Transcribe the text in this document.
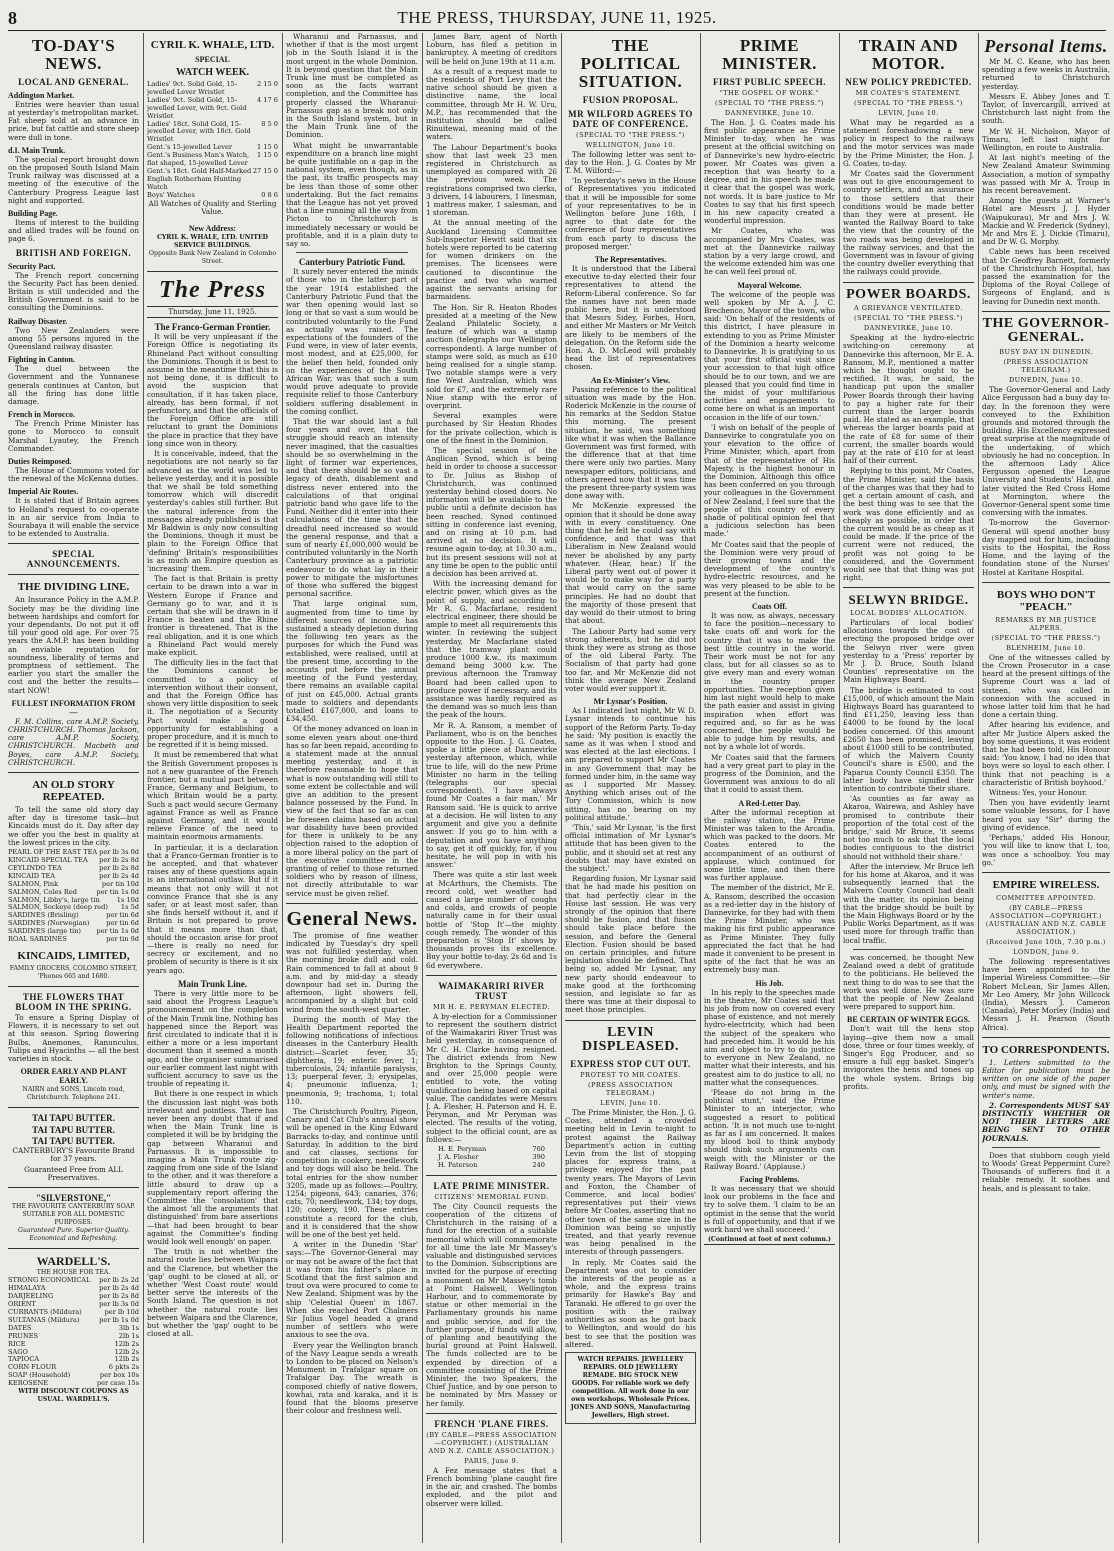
8	THE PRESS, THURSDAY, JUNE 11, 1925.
TO-DAY'S NEWS.
LOCAL AND GENERAL.
Addington Market.

Entries were heavier than usual at yesterday's metropolitan market. Fat sheep sold at an advance in price, but fat cattle and store sheep were dull in tone.

d.I. Main Trunk.

The special report brought down on the proposed South Island Main Trunk railway was discussed at a meeting of the executive of the Canterbury Progress League last night and supported.

Building Page.

Items of interest to the building and allied trades will be found on page 6.

BRITISH AND FOREIGN.
Security Pact.

The French report concerning the Security Pact has been denied. Britain is still undecided and the British Government is said to be consulting the Dominions.

Railway Disaster.

Two New Zealanders were among 55 persons injured in the Queensland railway disaster.

Fighting in Canton.

The duel between the Government and the Yunnanese generals continues at Canton, but all the firing has done little damage.

French in Morocco.

The French Prime Minister has gone to Morocco to consult Marshal Lyautey, the French Commander.

Duties Reimposed.

The House of Commons voted for the renewal of the McKenna duties.

Imperial Air Routes.

It is stated that if Britain agrees to Holland's request to co-operate in an air service from India to Sourabaya it will enable the service to be extended to Australia.

SPECIAL ANNOUNCEMENTS.
THE DIVIDING LINE.

An Insurance Policy in the A.M.P. Society may be the dividing line between hardships and comfort for your dependants. Do not put it off till your good old age. For over 75 years the A.M.P. has been building an enviable reputation for soundness, liberality of terms and promptness of settlement. The earlier you start the smaller the cost and the better the results—start NOW!

FULLEST INFORMATION FROM—

F. M. Collins, care A.M.P. Society, CHRISTCHURCH. Thomas Jackson, care A.M.P. Society, CHRISTCHURCH. Macbeth and Boyes, care A.M.P. Society, CHRISTCHURCH.

AN OLD STORY REPEATED.

To tell the same old story day after day is tiresome task—but Kincaids must do it. Day after day we offer you the best in quality at the lowest prices in the city.

PEARL OF THE EAST TEA per lb 3s 0d
KINCAID SPECIAL TEA	per lb 2s 8d
CEYLINDO TEA	per lb 2s 8d
KINCAID TEA	per lb 2s 4d
SALMON, Pink	per tin 10d
SALMON, Coles Red	per tin 1s 0d
SALMON, Libby's, large tin	1s 10d
SALMON, Sockeye (deep red)	1s 5d
SARDINES (Brisling)	per tin 6d
SARDINES (Norwegian)	per tin 6d
SARDINES (large tin)	per tin 1s 0d
ROAL SARDINES	per tin 9d
KINCAIDS, LIMITED,
FAMILY GROCERS, COLOMBO STREET, 'Phones 665 and 1680.
THE FLOWERS THAT BLOOM IN THE SPRING.

To ensure a Spring Display of Flowers, it is necessary to set out at this season. Spring flowering Bulbs, Anemones, Ranunculus, Tulips and Hyacinths — all the best varieties in stock.

ORDER EARLY AND PLANT EARLY.
NAIRN and SONS, Lincoln road, Christchurch. Telephone 241.
TAI TAPU BUTTER.
TAI TAPU BUTTER.
TAI TAPU BUTTER.

CANTERBURY'S Favourite Brand for 37 years.

Guaranteed Free from ALL Preservatives.

"SILVERSTONE,"
THE FAVOURITE CANTERBURY SOAP.
SUITABLE FOR ALL DOMESTIC PURPOSES.
Guaranteed Pure. Superior Quality. Economical and Refreshing.
WARDELL'S.
THE HOUSE FOR TEA.
STRONG ECONOMICAL	per lb 2s 2d
HIMALAYA	per lb 2s 4d
DARJEELING	per lb 2s 8d
ORIENT	per lb 3s 0d
CURRANTS (Mildura)	per lb 10d
SULTANAS (Mildura)	per lb 1s 0d
DATES	3lb 1s
PRUNES	2lb 1s
RICE	12lb 2s
SAGO	12lb 2s
TAPIOCA	12lb 2s
CORN FLOUR	6 pkts 2s
SOAP (Household)	per box 10s
KEROSENE	per case 15s
WITH DISCOUNT COUPONS AS USUAL. WARDELL'S.
CYRIL K. WHALE, LTD.
SPECIAL
WATCH WEEK.
Ladies' 9ct. Solid Gold, 15-jewelled Lever Wristlet
2 15 0
Ladies' 9ct. Solid Gold, 15-jewelled Lever, with 9ct. Gold Wristlet
4 17 6
Ladies' 18ct. Solid Gold, 15-jewelled Lever, with 18ct. Gold Wristlet
8 5 0
Gent.'s 15-jewelled Lever	1 15 0
Gent.'s Business Man's Watch, flat shaped, 15-jewelled Lever
1 15 0
Gent.'s 18ct. Gold Half-Marked English Rotherham Hunting Watch
27 15 0
Boys' Watches	0 8 6

All Watches of Quality and Sterling Value.

New Address:
CYRIL K. WHALE, LTD. UNITED SERVICE BUILDINGS.
Opposite Bank New Zealand in Colombo Street.
The Press
Thursday, June 11, 1925.
The Franco-German Frontier.

It will be very unpleasant if the Foreign Office is negotiating its Rhineland Pact without consulting the Dominions. Though it is best to assume in the meantime that this is not being done, it is difficult to avoid the suspicion that consultation, if it has taken place, already, has been formal, if not perfunctory, and that the officials of the Foreign Office are still reluctant to grant the Dominions the place in practice that they have long since won in theory.

It is conceivable, indeed, that the negotiations are not nearly so far advanced as the world was led to believe yesterday, and it is possible that we shall be told something tomorrow which will discredit yesterday's cables still further. But the natural inference from the messages already published is that Mr Baldwin is only now consulting the Dominions, though it must be plain to the Foreign Office that 'defining' Britain's responsibilities is as much an Empire question as 'increasing' them.

The fact is that Britain is pretty certain to be drawn into a war in Western Europe if France and Germany go to war, and it is certain that she will be drawn in if France is beaten and the Rhine frontier is threatened. That is the real obligation, and it is one which a Rhineland Pact would merely make explicit.

The difficulty lies in the fact that the Dominions cannot be committed to a policy of intervention without their consent, and that the Foreign Office has shown very little disposition to seek it. The negotiation of a Security Pact would make a good opportunity for establishing a proper procedure, and it is much to be regretted if it is being missed.

It must be remembered that what the British Government proposes is not a new guarantee of the French frontier, but a mutual pact between France, Germany and Belgium, to which Britain would be a party. Such a pact would secure Germany against France as well as France against Germany, and it would relieve France of the need to maintain enormous armaments.

In particular, it is a declaration that a Franco-German frontier is to be accepted, and that whatever raises any of these questions again is an international outlaw. But if it means that not only will it not convince France that she is any safer, or at least most safer, than she finds herself without it, and if Britain is not prepared to prove that it means more than that, should the occasion arise for proof—there is really no need for secrecy or excitement, and no problem of security is there is it six years ago.

Main Trunk Line.

There is very little more to be said about the Progress League's pronouncement on the completion of the Main Trunk line. Nothing has happened since the Report was first circulated to indicate that it is either a more or a less important document than it seemed a month ago, and the organiser summarised our earlier comment last night with sufficient accuracy to save us the trouble of repeating it.

But there is one respect in which the discussion last night was both irrelevant and pointless. There has never been any doubt that if and when the Main Trunk line is completed it will be by bridging the gap between Wharanui and Parnassus. It is impossible to imagine a Main Trunk route zig-zagging from one side of the Island to the other, and it was therefore a little absurd to draw up a supplementary report offering the Committee the 'consolation' that the almost 'all the arguments that distinguished' from bare assertions—that had been brought to bear against the Committee's finding would look well enough' on paper.

The truth is not whether the natural route lies between Waipara and the Clarence, but whether the 'gap' ought to be closed at all, or whether 'West Coast route' would better serve the interests of the South Island. The question is not whether the natural route lies between Waipara and the Clarence, but whether the 'gap' ought to be closed at all.

Wharanui and Parnassus, and whether if that is the most urgent job in the South Island it is the most urgent in the whole Dominion. It is beyond question that the Main Trunk line must be completed as soon as the facts warrant completion, and the Committee has properly classed the Wharanui-Parnassus gap as a break not only in the South Island system, but in the Main Trunk line of the Dominion.

What might be unwarrantable expenditure on a branch line might be quite justifiable on a gap in the national system, even though, as in the past, its traffic prospects may be less than those of some other undertaking. But the fact remains that the League has not yet proved that a line running all the way from Picton to Christchurch is immediately necessary or would be profitable, and it is a plain duty to say so.

Canterbury Patriotic Fund.

It surely never entered the minds of those who in the latter part of the year 1914 established the Canterbury Patriotic Fund that the war then opening would last so long or that so vast a sum would be contributed voluntarily to the Fund as actually was raised. The expectations of the founders of the Fund were, in view of later events, most modest, and at £25,000, for the belief then held, founded only on the experiences of the South African War, was that such a sum would prove adequate to provide requisite relief to those Canterbury soldiers suffering disablement in the coming conflict.

That the war should last a full four years and over, that the struggle should reach an intensity never imagined, that the casualties should be so overwhelming in the light of former war experiences, and that there should be so vast a legacy of death, disablement and distress never entered into the calculations of that original patriotic band who gave life to the Fund. Neither did it enter into their calculations of the time that the dreadful need increased so would the general response, and that a sum of nearly £1,000,000 would be contributed voluntarily in the North Canterbury province as a patriotic endeavour to do what lay in their power to mitigate the misfortunes of those who suffered the biggest personal sacrifice.

That large original sum, augmented from time to time by different sources of income, has sustained a steady depletion during the following ten years as the purposes for which the Fund was established, were realised, until at the present time, according to the accounts put before the annual meeting of the Fund yesterday, there remains an available capital of just on £45,000. Actual grants made to soldiers and dependants totalled £167,000, and loans to £34,450.

Of the money advanced on loan in some eleven years about one-third has so far been repaid, according to a statement made at the annual meeting yesterday, and it is therefore reasonable to hope that what is now outstanding will still to some extent be collectable and will give an addition to the present balance possessed by the Fund. In view of the fact that so far as can be foreseen claims based on actual war disability have been provided for there is unlikely to be any objection raised to the adoption of a more liberal policy on the part of the executive committee in the granting of relief to those returned soldiers who by reason of illness, not directly attributable to war service must be given relief.

General News.

The promise of fine weather indicated by Tuesday's dry spell was not fulfilled yesterday, when the morning broke dull and cold. Rain commenced to fall at about 9 a.m. and by mid-day a steady downpour had set in. During the afternoon, light showers fell, accompanied by a slight but cold wind from the south-west quarter.

During the month of May the Health Department reported the following notifications of infectious diseases in the Canterbury Health district:—Scarlet fever, 35; diphtheria, 19; enteric fever, 1; tuberculosis, 24; infantile paralysis, 13; puerperal fever, 3; erysipelas, 4; pneumonic influenza, 1; pneumonia, 9; trachoma, 1; total 110.

The Christchurch Poultry, Pigeon, Canary and Cat Club's annual show will be opened in the King Edward Barracks to-day, and continue until Saturday. In addition to the bird and cat classes, sections for competition in cookery, needlework and toy dogs will also be held. The total entries for the show number 3205, made up as follows:—Poultry, 1254; pigeons, 643; canaries, 376; cats, 70; needlework, 134; toy dogs, 120; cookery, 190. These entries constitute a record for the club, and it is considered that the show will be one of the best yet held.

A writer in the Dunedin 'Star' says:—The Governor-General may or may not be aware of the fact that it was from his father's place in Scotland that the first salmon and trout ova were procured to come to New Zealand. Shipment was by the ship 'Celestial Queen' in 1867. When she reached Port Chalmers Sir Julius Vogel headed a grand number of settlers who were anxious to see the ova.

Every year the Wellington branch of the Navy League sends a wreath to London to be placed on Nelson's Monument in Trafalgar square on Trafalgar Day. The wreath is composed chiefly of native flowers, kowhai, rata and karaka, and it is found that the blooms preserve their colour and freshness well.

James Barr, agent of North Loburn, has filed a petition in bankruptcy. A meeting of creditors will be held on June 19th at 11 a.m.

As a result of a request made to the residents of Port Levy that the native school should be given a distinctive name, the local committee, through Mr H. W. Uru, M.P., has recommended that the institution should be called Rinuitewai, meaning maid of the waters.

The Labour Department's books show that last week 23 men registered in Christchurch as unemployed as compared with 26 the previous week. The registrations comprised two clerks, 3 drivers, 14 labourers, 1 linesman, 1 mattress maker, 1 salesman, and 1 storeman.

At the annual meeting of the Auckland Licensing Committee Sub-Inspector Hewitt said that six hotels were reported to be catering for women drinkers on the premises. The licensees were cautioned to discontinue the practice and two who warned against the servants arising for barmaidens.

The Hon. Sir R. Heaton Rhodes presided at a meeting of the New Zealand Philatelic Society, a feature of which was a stamp auction (telegraphs our Wellington correspondent). A large number of stamps were sold, as much as £10 being realised for a single stamp. Two notable stamps were a very fine West Australian, which was sold for £7, and the extremely rare Niue stamp with the error of overprint.

Several examples were purchased by Sir Heaton Rhodes for the private collection, which is one of the finest in the Dominion.

The special session of the Anglican Synod, which is being held in order to choose a successor to Dr. Julius as Bishop of Christchurch, was continued yesterday behind closed doors. No information will be available to the public until a definite decision has been reached. Synod continued sitting in conference last evening, and on rising at 10 p.m. had arrived at no decision. It will resume again to-day, at 10.30 a.m., but its present sessions will not at any time be open to the public until a decision has been arrived at.

With the increasing demand for electric power, which gives as the point of supply, and according to Mr R. G. Macfarlane, resident electrical engineer, there should be ample to meet all requirements this winter. In reviewing the subject yesterday, Mr Macfarlane stated that the tramway plant could produce 1000 k.w., its maximum demand being 3000 k.w. The previous afternoon the Tramway Board had been called upon to produce power if necessary, and its assistance was hardly required as the demand was so much less than the peak of the hours.

Mr R. A. Ransom, a member of Parliament, who is on the benches opposite to the Hon. J. G. Coates, spoke a little piece at Dannevirke yesterday afternoon, which, while true to life, will do the new Prime Minister no harm in the telling (telegraphs our special correspondent). 'I have always found Mr Coates a fair man,' Mr Ransom said. 'He is quick to arrive at a decision. He will listen to any argument and give you a definite answer. If you go to him with a deputation and you have anything to say, get it off quickly, for, if you hesitate, he will pop in with his answer.'

There was quite a stir last week at McArthurs, the Chemists. The record cold, wet weather had caused a large number of coughs and colds, and crowds of people naturally came in for their usual bottle of 'Stop It'—the mighty cough remedy. The wonder of this preparation is 'Stop It' shows by thousands proves its excellence. Buy your bottle to-day. 2s 6d and 1s 6d everywhere.

WAIMAKARIRI RIVER TRUST
MR H. E. PERYMAN ELECTED.

A by-election for a Commissioner to represent the southern district of the Waimakariri River Trust was held yesterday, in consequence of Mr C. H. Clarke having resigned. The district extends from New Brighton to the Springs County, and over 25,000 people were entitled to vote, the voting qualification being based on capital value. The candidates were Messrs J. A. Flesher, H. Paterson and H. E. Peryman, and Mr Peryman was elected. The results of the voting, subject to the official count, are as follows:—

H. E. Peryman	760
J. A. Flesher	390
H. Paterson	240
LATE PRIME MINISTER.
CITIZENS' MEMORIAL FUND.

The City Council requests the cooperation of the citizens of Christchurch in the raising of a fund for the erection of a suitable memorial which will commemorate for all time the late Mr Massey's valuable and distinguished services to the Dominion. Subscriptions are invited for the purpose of erecting a monument on Mr Massey's tomb at Point Halswell, Wellington Harbour, and to commemorate by statue or other memorial in the Parliamentary grounds his name and public service, and for the further purpose, if funds will allow, of planting and beautifying the burial ground at Point Halswell. The funds collected are to be expended by direction of a committee consisting of the Prime Minister, the two Speakers, the Chief Justice, and by one person to be nominated by Mrs Massey or her family.

FRENCH 'PLANE FIRES.
(BY CABLE—PRESS ASSOCIATION—COPYRIGHT.) (AUSTRALIAN AND N.Z. CABLE ASSOCIATION.)
PARIS, June 9.

A Fez message states that a French bombing 'plane caught fire in the air, and crashed. The bombs exploded, and the pilot and observer were killed.

THE POLITICAL SITUATION.
FUSION PROPOSAL.
MR WILFORD AGREES TO DATE OF CONFERENCE.
(SPECIAL TO "THE PRESS.")
WELLINGTON, June 10.

The following letter was sent to-day to the Hon. J. G. Coates by Mr T. M. Wilford:—

'In yesterday's news in the House of Representatives you indicated that it will be impossible for some of your representatives to be in Wellington before June 16th, I agree to that date for the conference of four representatives from each party to discuss the proposed merger.'

The Representatives.

It is understood that the Liberal executive to-day elected their four representatives to attend the Reform-Liberal conference. So far the names have not been made public here, but it is understood that Messrs Sidey, Forbes, Horn, and either Mr Masters or Mr Veitch are likely to be members of the delegation. On the Reform side the Hon. A. D. McLeod will probably head the list of representatives chosen.

An Ex-Minister's View.

Passing reference to the political situation was made by the Hon. Roderick McKenzie in the course of his remarks at the Seddon Statue this morning. The present situation, he said, was something like what it was when the Ballance Government was first formed, with the difference that at that time there were only two parties. Many newspaper editors, politicians, and others agreed now that it was time the present three-party system was done away with.

Mr McKenzie expressed the opinion that it should be done away with in every constituency. One thing that he felt he could say with confidence, and that was that Liberalism in New Zealand would never be abolished by any party whatever. (Hear, hear.) If the Liberal party went out of power it would be to make way for a party that would carry on the same principles. He had no doubt that the majority of those present that day would do their utmost to bring that about.

The Labour Party had some very strong adherents, but he did not think they were as strong as those of the old Liberal Party. The Socialism of that party had gone too far, and Mr McKenzie did not think the average New Zealand voter would ever support it.

Mr Lysnar's Position.

As I indicated last night, Mr W. D. Lysnar intends to continue his support of the Reform Party. To-day he said: 'My position is exactly the same as it was when I stood and was elected at the last elections. I am prepared to support Mr Coates in any Government that may be formed under him, in the same way as I supported Mr Massey. Anything which arises out of the Tory Commission, which is now sitting, has no bearing on my political attitude.'

'This,' said Mr Lysnar, 'is the first official intimation of Mr Lysnar's attitude that has been given to the public, and it should set at rest any doubts that may have existed on the subject.'

Regarding fusion, Mr Lysnar said that he had made his position on that had perfectly clear in the House last session. He was very strongly of the opinion that there should be fusion, and that fusion should take place before the session, and before the General Election. Fusion should be based on certain principles, and future legislation should be defined. That being so, added Mr Lysnar, any new party should endeavour to make good at the forthcoming session, and legislate so far as there was time at their disposal to meet those principles.

LEVIN DISPLEASED.
EXPRESS STOP CUT OUT.
PROTEST TO MR COATES.
(PRESS ASSOCIATION TELEGRAM.)
LEVIN, June 10.

The Prime Minister, the Hon. J. G. Coates, attended a crowded meeting held in Levin to-night to protest against the Railway Department's action in cutting Levin from the list of stopping places for express trains, a privilege enjoyed for the past twenty years. The Mayors of Levin and Foxton, the Chamber of Commerce, and local bodies' representatives put their views before Mr Coates, asserting that no other town of the same size in the Dominion was being so unjustly treated, and that yearly revenue was being penalised in the interests of through passengers.

In reply, Mr Coates said the Department was out to consider the interests of the people as a whole, and the express trains primarily for Hawke's Bay and Taranaki. He offered to go over the position with the railway authorities as soon as he got back to Wellington, and would do his best to see that the position was altered.

WATCH REPAIRS. JEWELLERY REPAIRS. OLD JEWELLERY REMADE. BIG STOCK NEW GOODS. For reliable work we defy competition. All work done in our own workshops. Wholesale Prices. JONES AND SONS, Manufacturing Jewellers, High street.
PRIME MINISTER.
FIRST PUBLIC SPEECH.
"THE GOSPEL OF WORK."
(SPECIAL TO "THE PRESS.")
DANNEVIRKE, June 10.

The Hon. J. G. Coates made his first public appearance as Prime Minister to-day, when he was present at the official switching on of Dannevirke's new hydro-electric power. Mr Coates was given a reception that was hearty to a degree, and in his speech he made it clear that the gospel was work, not words. It is bare justice to Mr Coates to say that his first speech in his new capacity created a wonderful impression.

Mr Coates, who was accompanied by Mrs Coates, was met at the Dannevirke railway station by a very large crowd, and the welcome extended him was one he can well feel proud of.

Mayoral Welcome.

The welcome of the people was well spoken by Mr A. J. C. Brechenco, Mayor of the town, who said: 'On behalf of the residents of this district, I have pleasure in extending to you as Prime Minister of the Dominion a hearty welcome to Dannevirke. It is gratifying to us that your first official visit since your accession to that high office should be to our town, and we are pleased that you could find time in the midst of your multifarious activities and engagements to come here on what is an important occasion in the life of our town.'

'I wish on behalf of the people of Dannevirke to congratulate you on your elevation to the office of Prime Minister, which, apart from that of the representative of His Majesty, is the highest honour in the Dominion. Although this office has been conferred on you through your colleagues in the Government of New Zealand, I feel sure that the people of this country of every shade of political opinion feel that a judicious selection has been made.'

Mr Coates said that the people of the Dominion were very proud of their growing towns and the development of the country's hydro-electric resources, and he was very pleased to be able to be present at the function.

Coats Off.

It was now, as always, necessary to face the position—necessary to take coats off and work for the country that it was to make the best little country in the world. Their work must be not for any class, but for all classes so as to give every man and every woman in the country proper opportunities. The reception given him last night would help to make the path easier and assist in giving inspiration when effort was required and, so far as he was concerned, the people would be able to judge him by results, and not by a whole lot of words.

Mr Coates said that the farmers had a very great part to play in the progress of the Dominion, and the Government was anxious to do all that it could to assist them.

A Red-Letter Day.

After the informal reception at the railway station, the Prime Minister was taken to the Arcadia, which was packed to the doors. Mr Coates entered to the accompaniment of an outburst of applause, which continued for some little time, and then there was further applause.

The member of the district, Mr E. A. Ransom, described the occasion as a red-letter day in the history of Dannevirke, for they had with them the Prime Minister, who was making his first public appearance as Prime Minister. They fully appreciated the fact that he had made it convenient to be present in spite of the fact that he was an extremely busy man.

His Job.

In his reply to the speeches made in the theatre, Mr Coates said that his job from now on covered every phase of existence, and not merely hydro-electricity, which had been the subject of the speakers who had preceded him. It would be his aim and object to try to do justice to everyone in New Zealand, no matter what their interests, and his greatest aim to do justice to all, no matter what the consequences.

'Please do not bring in the political stunt,' said the Prime Minister to an interjector, who suggested a resort to political action. 'It is not much use to-night as far as I am concerned. It makes my blood boil to think anybody should think such arguments can weigh with the Minister or the Railway Board.' (Applause.)

Facing Problems.

It was necessary that we should look our problems in the face and try to solve them. 'I claim to be an optimist in the sense that the world is full of opportunity, and that if we work hard we shall succeed.'

(Continued at foot of next column.)
TRAIN AND MOTOR.
NEW POLICY PREDICTED.
MR COATES'S STATEMENT.
(SPECIAL TO "THE PRESS.")
LEVIN, June 10.

What may be regarded as a statement foreshadowing a new policy in respect to the railways and the motor services was made by the Prime Minister, the Hon. J. G. Coates, to-day.

Mr Coates said the Government was out to give encouragement to country settlers, and an assurance to those settlers that their conditions would be made better than they were at present. He wanted the Railway Board to take the view that the country of the two roads was being developed in the railway services, and that the Government was in favour of giving the country dweller everything that the railways could provide.

POWER BOARDS.
A GRIEVANCE VENTILATED.
(SPECIAL TO "THE PRESS.")
DANNEVIRKE, June 10.

Speaking at the hydro-electric switching-on ceremony at Dannevirke this afternoon, Mr E. A. Ransom, M.P., mentioned a matter which he thought ought to be rectified. It was, he said, the handicap put upon the smaller Power Boards through their having to pay a higher rate for their current than the larger boards paid. He stated as an example, that whereas the larger boards paid at the rate of £8 for some of their current, the smaller boards would pay at the rate of £10 for at least half of their current.

Replying to this point, Mr Coates, the Prime Minister, said the basis of the charges was that they had to get a certain amount of cash, and the best thing was to see that the work was done efficiently and as cheaply as possible, in order that the current would be as cheap as it could be made. If the price of the current were not reduced, the profit was not going to be considered, and the Government would see that that thing was put right.

SELWYN BRIDGE.
LOCAL BODIES' ALLOCATION.

Particulars of local bodies' allocations towards the cost of erecting the proposed bridge over the Selwyn river were given yesterday to a 'Press' reporter by Mr J. D. Bruce, South Island Counties' representative on the Main Highways Board.

The bridge is estimated to cost £15,000, of which amount the Main Highways Board has guaranteed to find £11,250, leaving less than £4000 to be found by the local bodies concerned. Of this amount £2650 has been promised, leaving about £1000 still to be contributed, of which the Malvern County Council's share is £500, and the Paparua County Council £350. The latter body have signified their intention to contribute their share.

'As counties as far away as Akaroa, Wairewa, and Ashley have promised to contribute their proportion of the total cost of the bridge,' said Mr Bruce, 'it seems not too much to ask that the local bodies contiguous to the district should not withhold their share.'

After the interview, Mr Bruce left for his home at Akaroa, and it was subsequently learned that the Malvern County Council had dealt with the matter, its opinion being that the bridge should be built by the Main Highways Board or by the Public Works Department, as it was used more for through traffic than local traffic.

was concerned, he thought New Zealand owed a debt of gratitude to the politicians. He believed the next thing to do was to see that the work was well done. He was sure that the people of New Zealand were prepared to support him.

BE CERTAIN OF WINTER EGGS.

Don't wait till the hens stop laying—give them now a small dose, three or four times weekly, of Singer's Egg Producer, and so ensure a full egg basket. Singer's invigorates the hens and tones up the whole system. Brings big profits.

Personal Items.

Mr M. C. Keane, who has been spending a few weeks in Australia, returned to Christchurch yesterday.

Messrs E. Abbey Jones and T. Taylor, of Invercargill, arrived at Christchurch last night from the south.

Mr W. H. Nicholson, Mayor of Timaru, left last night for Wellington, en route to Australia.

At last night's meeting of the New Zealand Amateur Swimming Association, a motion of sympathy was passed with Mr A. Troup in his recent bereavement.

Among the guests at Warner's Hotel are Messrs J. J. Hyder (Waipukurau), Mr and Mrs J. W. Mackie and W. Frederick (Sydney), Mr and Mrs E. J. Dickie (Timaru), and Dr W. G. Morphy.

Cable news has been received that Dr Geoffrey Barnett, formerly of the Christchurch Hospital, has passed the examination for the Diploma of the Royal College of Surgeons of England, and is leaving for Dunedin next month.

THE GOVERNOR-GENERAL.
BUSY DAY IN DUNEDIN.
(PRESS ASSOCIATION TELEGRAM.)
DUNEDIN, June 10.

The Governor-General and Lady Alice Fergusson had a busy day to-day. In the forenoon they were conveyed to the Exhibition grounds and motored through the building. His Excellency expressed great surprise at the magnitude of the undertaking, of which obviously he had no conception. In the afternoon Lady Alice Fergusson opened the League University and Students' Hall, and later visited the Red Cross Home at Mornington, where the Governor-General spent some time conversing with the inmates.

To-morrow the Governor-General will spend another busy day mapped out for him, including visits to the Hospital, the Ross Home, and the laying of the foundation stone of the Nurses' Hostel at Karitane Hospital.

BOYS WHO DON'T "PEACH."
REMARKS BY MR JUSTICE ALPERS.
(SPECIAL TO "THE PRESS.")
BLENHEIM, June 10.

One of the witnesses called by the Crown Prosecutor in a case heard at the present sittings of the Supreme Court was a lad of sixteen, who was called in connexion with the accused in whose latter told him that he had done a certain thing.

After hearing his evidence, and after Mr Justice Alpers asked the boy some questions, it was evident that he had been told, His Honour said: 'You know, I had no idea that boys were so loyal to each other. I think that not peaching is a characteristic of British boyhood.'

Witness: Yes, your Honour.

Then you have evidently learnt some valuable lessons, for I have heard you say "Sir" during the giving of evidence.

'Perhaps,' added His Honour, 'you will like to know that I, too, was once a schoolboy. You may go.'

EMPIRE WIRELESS.
COMMITTEE APPOINTED.
(BY CABLE—PRESS ASSOCIATION—COPYRIGHT.) (AUSTRALIAN AND N.Z. CABLE ASSOCIATION.)
(Received June 10th, 7.30 p.m.)
LONDON, June 9.

The following representatives have been appointed to the Imperial Wireless Committee:—Sir Robert McLean, Sir James Allen, Mr Leo Amery, Mr John Willcock (India), Messrs J. Cameron (Canada), Peter Morley (India) and Messrs J. H. Pearson (South Africa).

TO CORRESPONDENTS.

1. Letters submitted to the Editor for publication must be written on one side of the paper only, and must be signed with the writer's name.

2. Correspondents MUST SAY DISTINCTLY WHETHER OR NOT THEIR LETTERS ARE BEING SENT TO OTHER JOURNALS.

Does that stubborn cough yield to Woods' Great Peppermint Cure? Thousands of sufferers find it a reliable remedy. It soothes and heals, and is pleasant to take.
